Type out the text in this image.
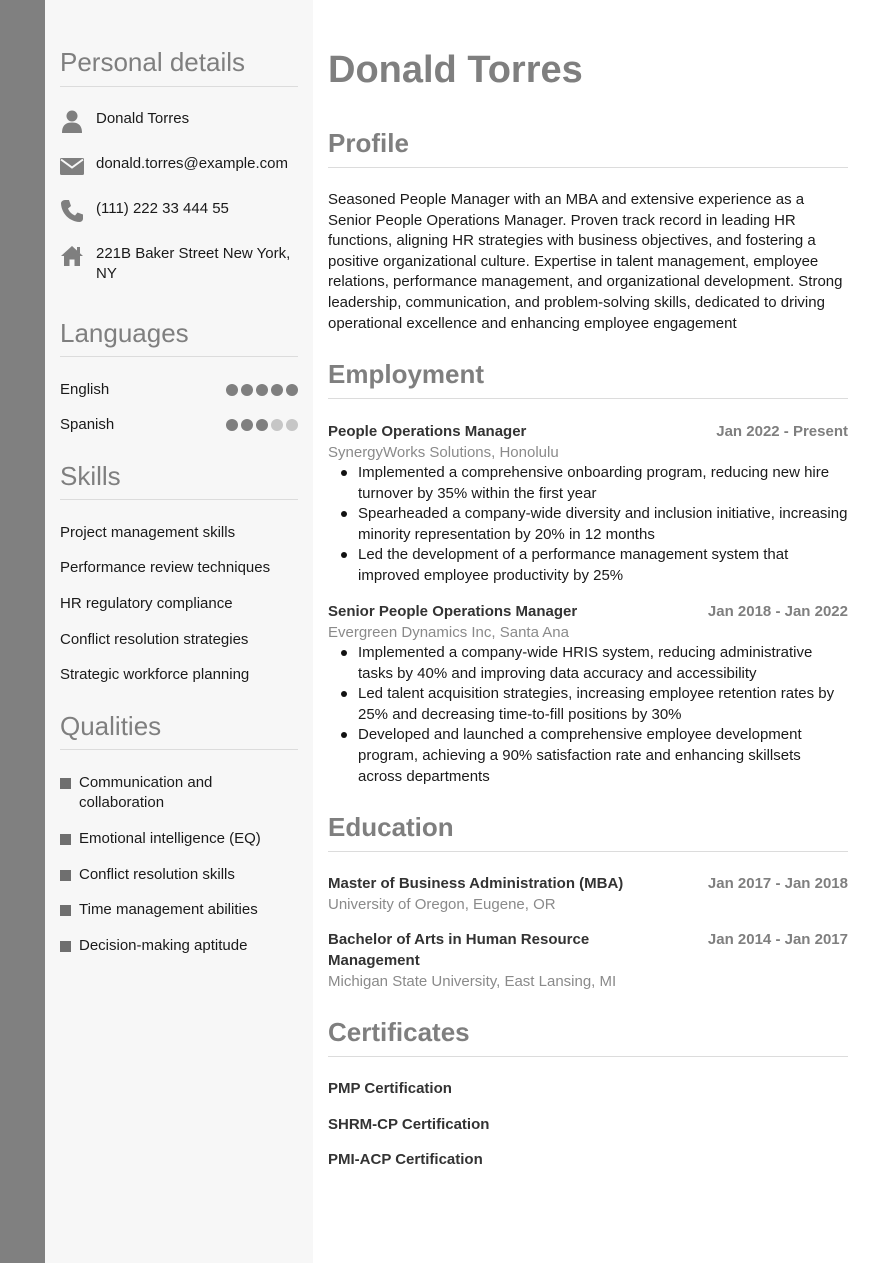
Personal details
Donald Torres
donald.torres@example.com
(111) 222 33 444 55
221B Baker Street New York, NY
Languages
English
Spanish
Skills
Project management skills
Performance review techniques
HR regulatory compliance
Conflict resolution strategies
Strategic workforce planning
Qualities
Communication and collaboration
Emotional intelligence (EQ)
Conflict resolution skills
Time management abilities
Decision-making aptitude
Donald Torres
Profile

Seasoned People Manager with an MBA and extensive experience as a Senior People Operations Manager. Proven track record in leading HR functions, aligning HR strategies with business objectives, and fostering a positive organizational culture. Expertise in talent management, employee relations, performance management, and organizational development. Strong leadership, communication, and problem-solving skills, dedicated to driving operational excellence and enhancing employee engagement

Employment
People Operations Manager	Jan 2022 - Present
SynergyWorks Solutions, Honolulu
Implemented a comprehensive onboarding program, reducing new hire turnover by 35% within the first year
Spearheaded a company-wide diversity and inclusion initiative, increasing minority representation by 20% in 12 months
Led the development of a performance management system that improved employee productivity by 25%
Senior People Operations Manager	Jan 2018 - Jan 2022
Evergreen Dynamics Inc, Santa Ana
Implemented a company-wide HRIS system, reducing administrative tasks by 40% and improving data accuracy and accessibility
Led talent acquisition strategies, increasing employee retention rates by 25% and decreasing time-to-fill positions by 30%
Developed and launched a comprehensive employee development program, achieving a 90% satisfaction rate and enhancing skillsets across departments
Education
Master of Business Administration (MBA)	Jan 2017 - Jan 2018
University of Oregon, Eugene, OR
Bachelor of Arts in Human Resource Management
Jan 2014 - Jan 2017
Michigan State University, East Lansing, MI
Certificates
PMP Certification
SHRM-CP Certification
PMI-ACP Certification
